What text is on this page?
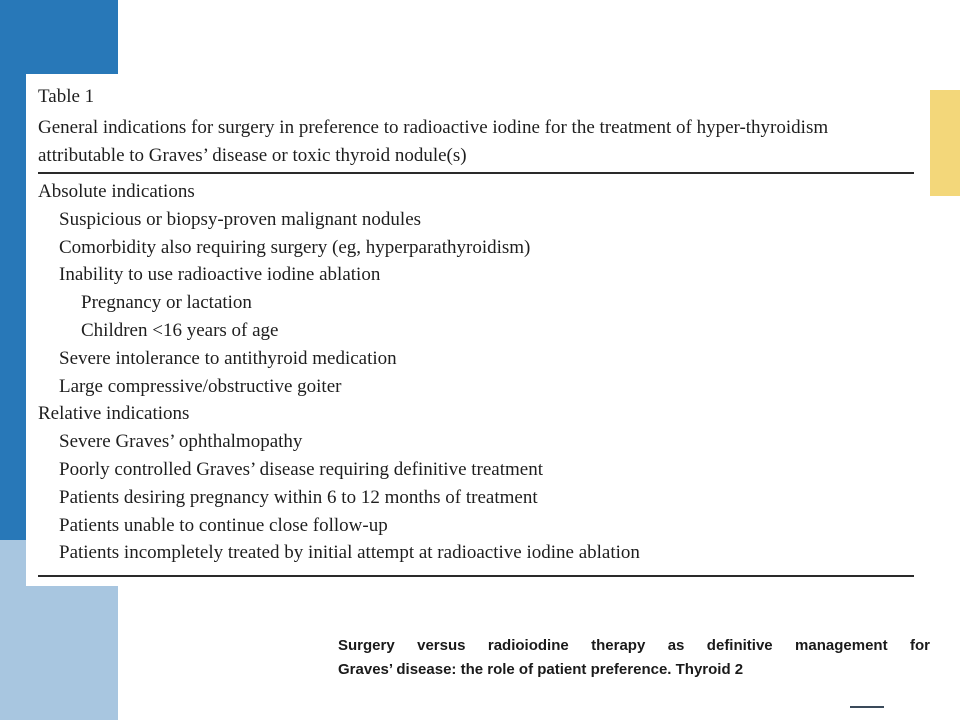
Table 1
General indications for surgery in preference to radioactive iodine for the treatment of hyper-thyroidism attributable to Graves’ disease or toxic thyroid nodule(s)
Absolute indications
Suspicious or biopsy-proven malignant nodules
Comorbidity also requiring surgery (eg, hyperparathyroidism)
Inability to use radioactive iodine ablation
Pregnancy or lactation
Children <16 years of age
Severe intolerance to antithyroid medication
Large compressive/obstructive goiter
Relative indications
Severe Graves’ ophthalmopathy
Poorly controlled Graves’ disease requiring definitive treatment
Patients desiring pregnancy within 6 to 12 months of treatment
Patients unable to continue close follow-up
Patients incompletely treated by initial attempt at radioactive iodine ablation
Surgery versus radioiodine therapy as definitive management for
Graves’ disease: the role of patient preference. Thyroid 2
